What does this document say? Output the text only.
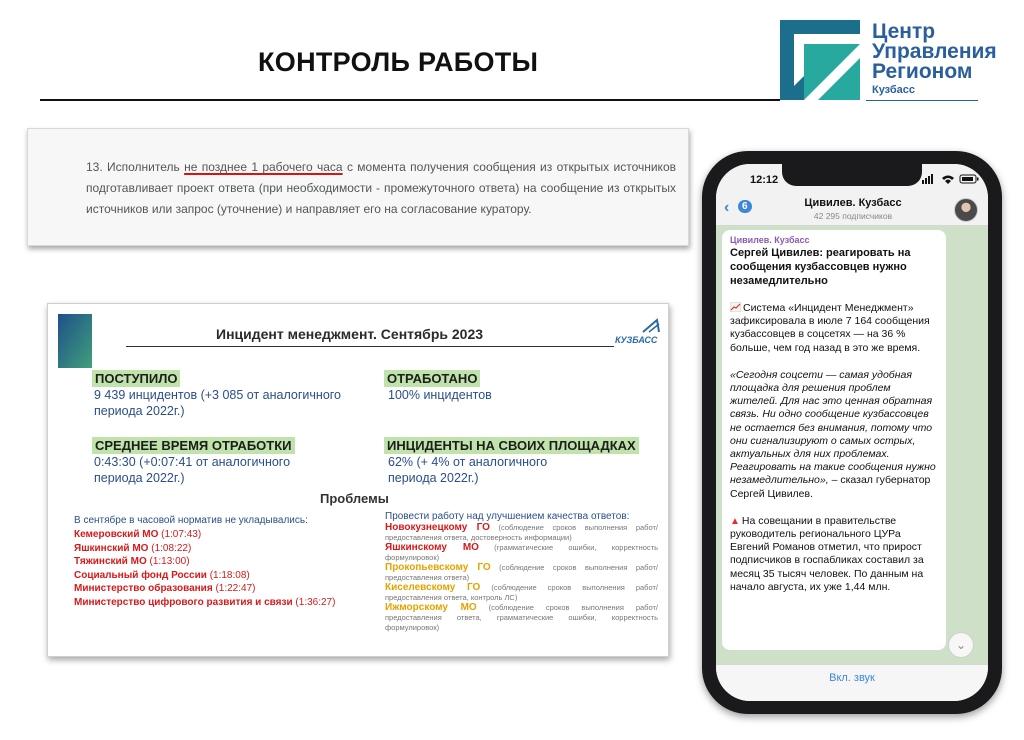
КОНТРОЛЬ РАБОТЫ
Центр
Управления
Регионом
Кузбасс

13. Исполнитель не позднее 1 рабочего часа с момента получения сообщения из открытых источников подготавливает проект ответа (при необходимости - промежуточного ответа) на сообщение из открытых источников или запрос (уточнение) и направляет его на согласование куратору.

Инцидент менеджмент. Сентябрь 2023	КУЗБАСС
ПОСТУПИЛО
9 439 инцидентов (+3 085 от аналогичного периода 2022г.)
ОТРАБОТАНО
100% инцидентов
СРЕДНЕЕ ВРЕМЯ ОТРАБОТКИ
0:43:30 (+0:07:41 от аналогичного периода 2022г.)
ИНЦИДЕНТЫ НА СВОИХ ПЛОЩАДКАХ
62% (+ 4% от аналогичного периода 2022г.)
Проблемы
В сентябре в часовой норматив не укладывались:
Кемеровский МО (1:07:43)
Яшкинский МО (1:08:22)
Тяжинский МО (1:13:00)
Социальный фонд России (1:18:08)
Министерство образования (1:22:47)
Министерство цифрового развития и связи (1:36:27)
Провести работу над улучшением качества ответов:
Новокузнецкому ГО (соблюдение сроков выполнения работ/предоставления ответа, достоверность информации)
Яшкинскому МО (грамматические ошибки, корректность формулировок)
Прокопьевскому ГО (соблюдение сроков выполнения работ/предоставления ответа)
Киселевскому ГО (соблюдение сроков выполнения работ/предоставления ответа, контроль ЛС)
Ижморскому МО (соблюдение сроков выполнения работ/предоставления ответа, грамматические ошибки, корректность формулировок)
12:12
‹	6	Цивилев. Кузбасс
42 295 подписчиков
Цивилев. Кузбасс
Сергей Цивилев: реагировать на сообщения кузбассовцев нужно незамедлительно
Система «Инцидент Менеджмент» зафиксировала в июле 7 164 сообщения кузбассовцев в соцсетях — на 36 % больше, чем год назад в это же время.
«Сегодня соцсети — самая удобная площадка для решения проблем жителей. Для нас это ценная обратная связь. Ни одно сообщение кузбассовцев не остается без внимания, потому что они сигнализируют о самых острых, актуальных для них проблемах. Реагировать на такие сообщения нужно незамедлительно», – сказал губернатор Сергей Цивилев.
▲ На совещании в правительстве руководитель регионального ЦУРа Евгений Романов отметил, что прирост подписчиков в госпабликах составил за месяц 35 тысяч человек. По данным на начало августа, их уже 1,44 млн.
⌄
Вкл. звук
